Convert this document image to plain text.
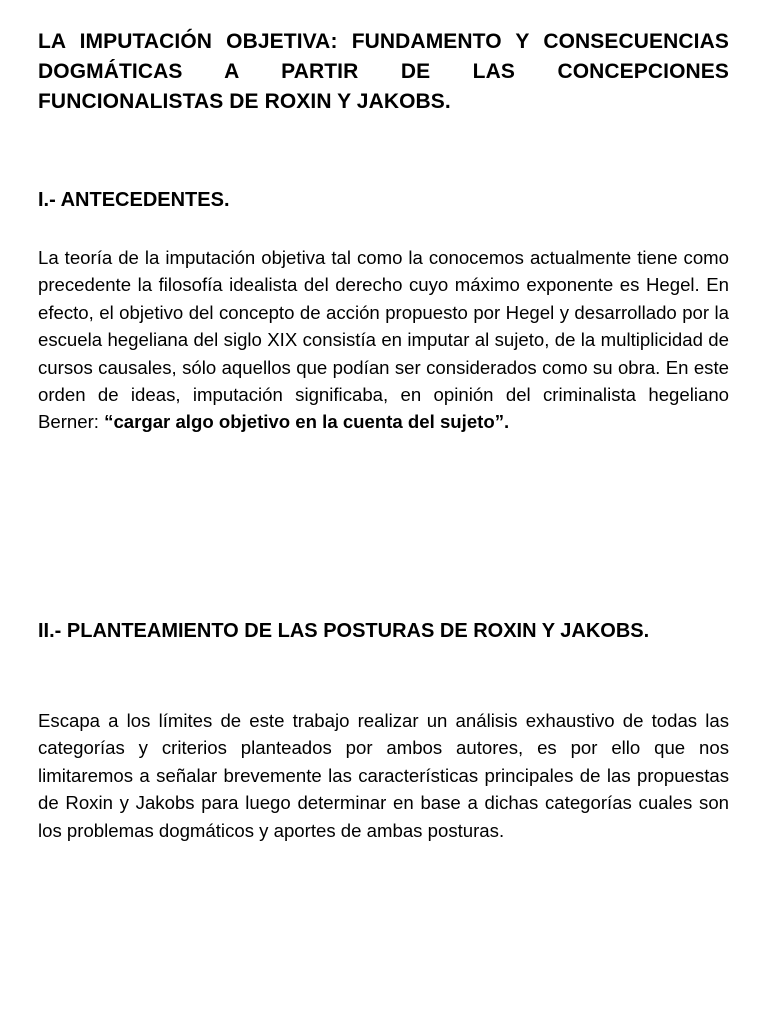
LA IMPUTACIÓN OBJETIVA: FUNDAMENTO Y CONSECUENCIAS DOGMÁTICAS A PARTIR DE LAS CONCEPCIONES FUNCIONALISTAS DE ROXIN Y JAKOBS.
I.- ANTECEDENTES.

La teoría de la imputación objetiva tal como la conocemos actualmente tiene como precedente la filosofía idealista del derecho cuyo máximo exponente es Hegel. En efecto, el objetivo del concepto de acción propuesto por Hegel y desarrollado por la escuela hegeliana del siglo XIX consistía en imputar al sujeto, de la multiplicidad de cursos causales, sólo aquellos que podían ser considerados como su obra. En este orden de ideas, imputación significaba, en opinión del criminalista hegeliano Berner: “cargar algo objetivo en la cuenta del sujeto”.

II.- PLANTEAMIENTO DE LAS POSTURAS DE ROXIN Y JAKOBS.

Escapa a los límites de este trabajo realizar un análisis exhaustivo de todas las categorías y criterios planteados por ambos autores, es por ello que nos limitaremos a señalar brevemente las características principales de las propuestas de Roxin y Jakobs para luego determinar en base a dichas categorías cuales son los problemas dogmáticos y aportes de ambas posturas.
